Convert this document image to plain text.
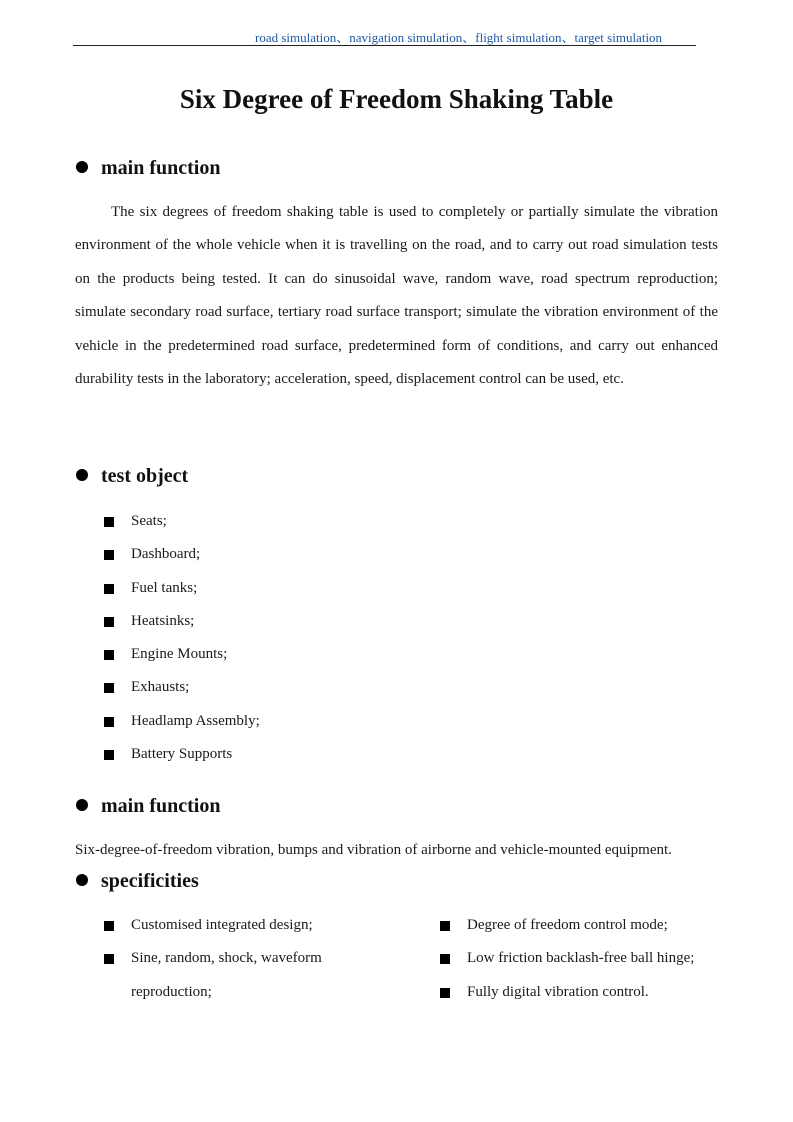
road simulation、navigation simulation、flight simulation、target simulation
Six Degree of Freedom Shaking Table
main function
The six degrees of freedom shaking table is used to completely or partially simulate the vibration environment of the whole vehicle when it is travelling on the road, and to carry out road simulation tests on the products being tested. It can do sinusoidal wave, random wave, road spectrum reproduction; simulate secondary road surface, tertiary road surface transport; simulate the vibration environment of the vehicle in the predetermined road surface, predetermined form of conditions, and carry out enhanced durability tests in the laboratory; acceleration, speed, displacement control can be used, etc.
test object
Seats;
Dashboard;
Fuel tanks;
Heatsinks;
Engine Mounts;
Exhausts;
Headlamp Assembly;
Battery Supports
main function
Six-degree-of-freedom vibration, bumps and vibration of airborne and vehicle-mounted equipment.
specificities
Customised integrated design;
Sine, random, shock, waveform reproduction;
Degree of freedom control mode;
Low friction backlash-free ball hinge;
Fully digital vibration control.
